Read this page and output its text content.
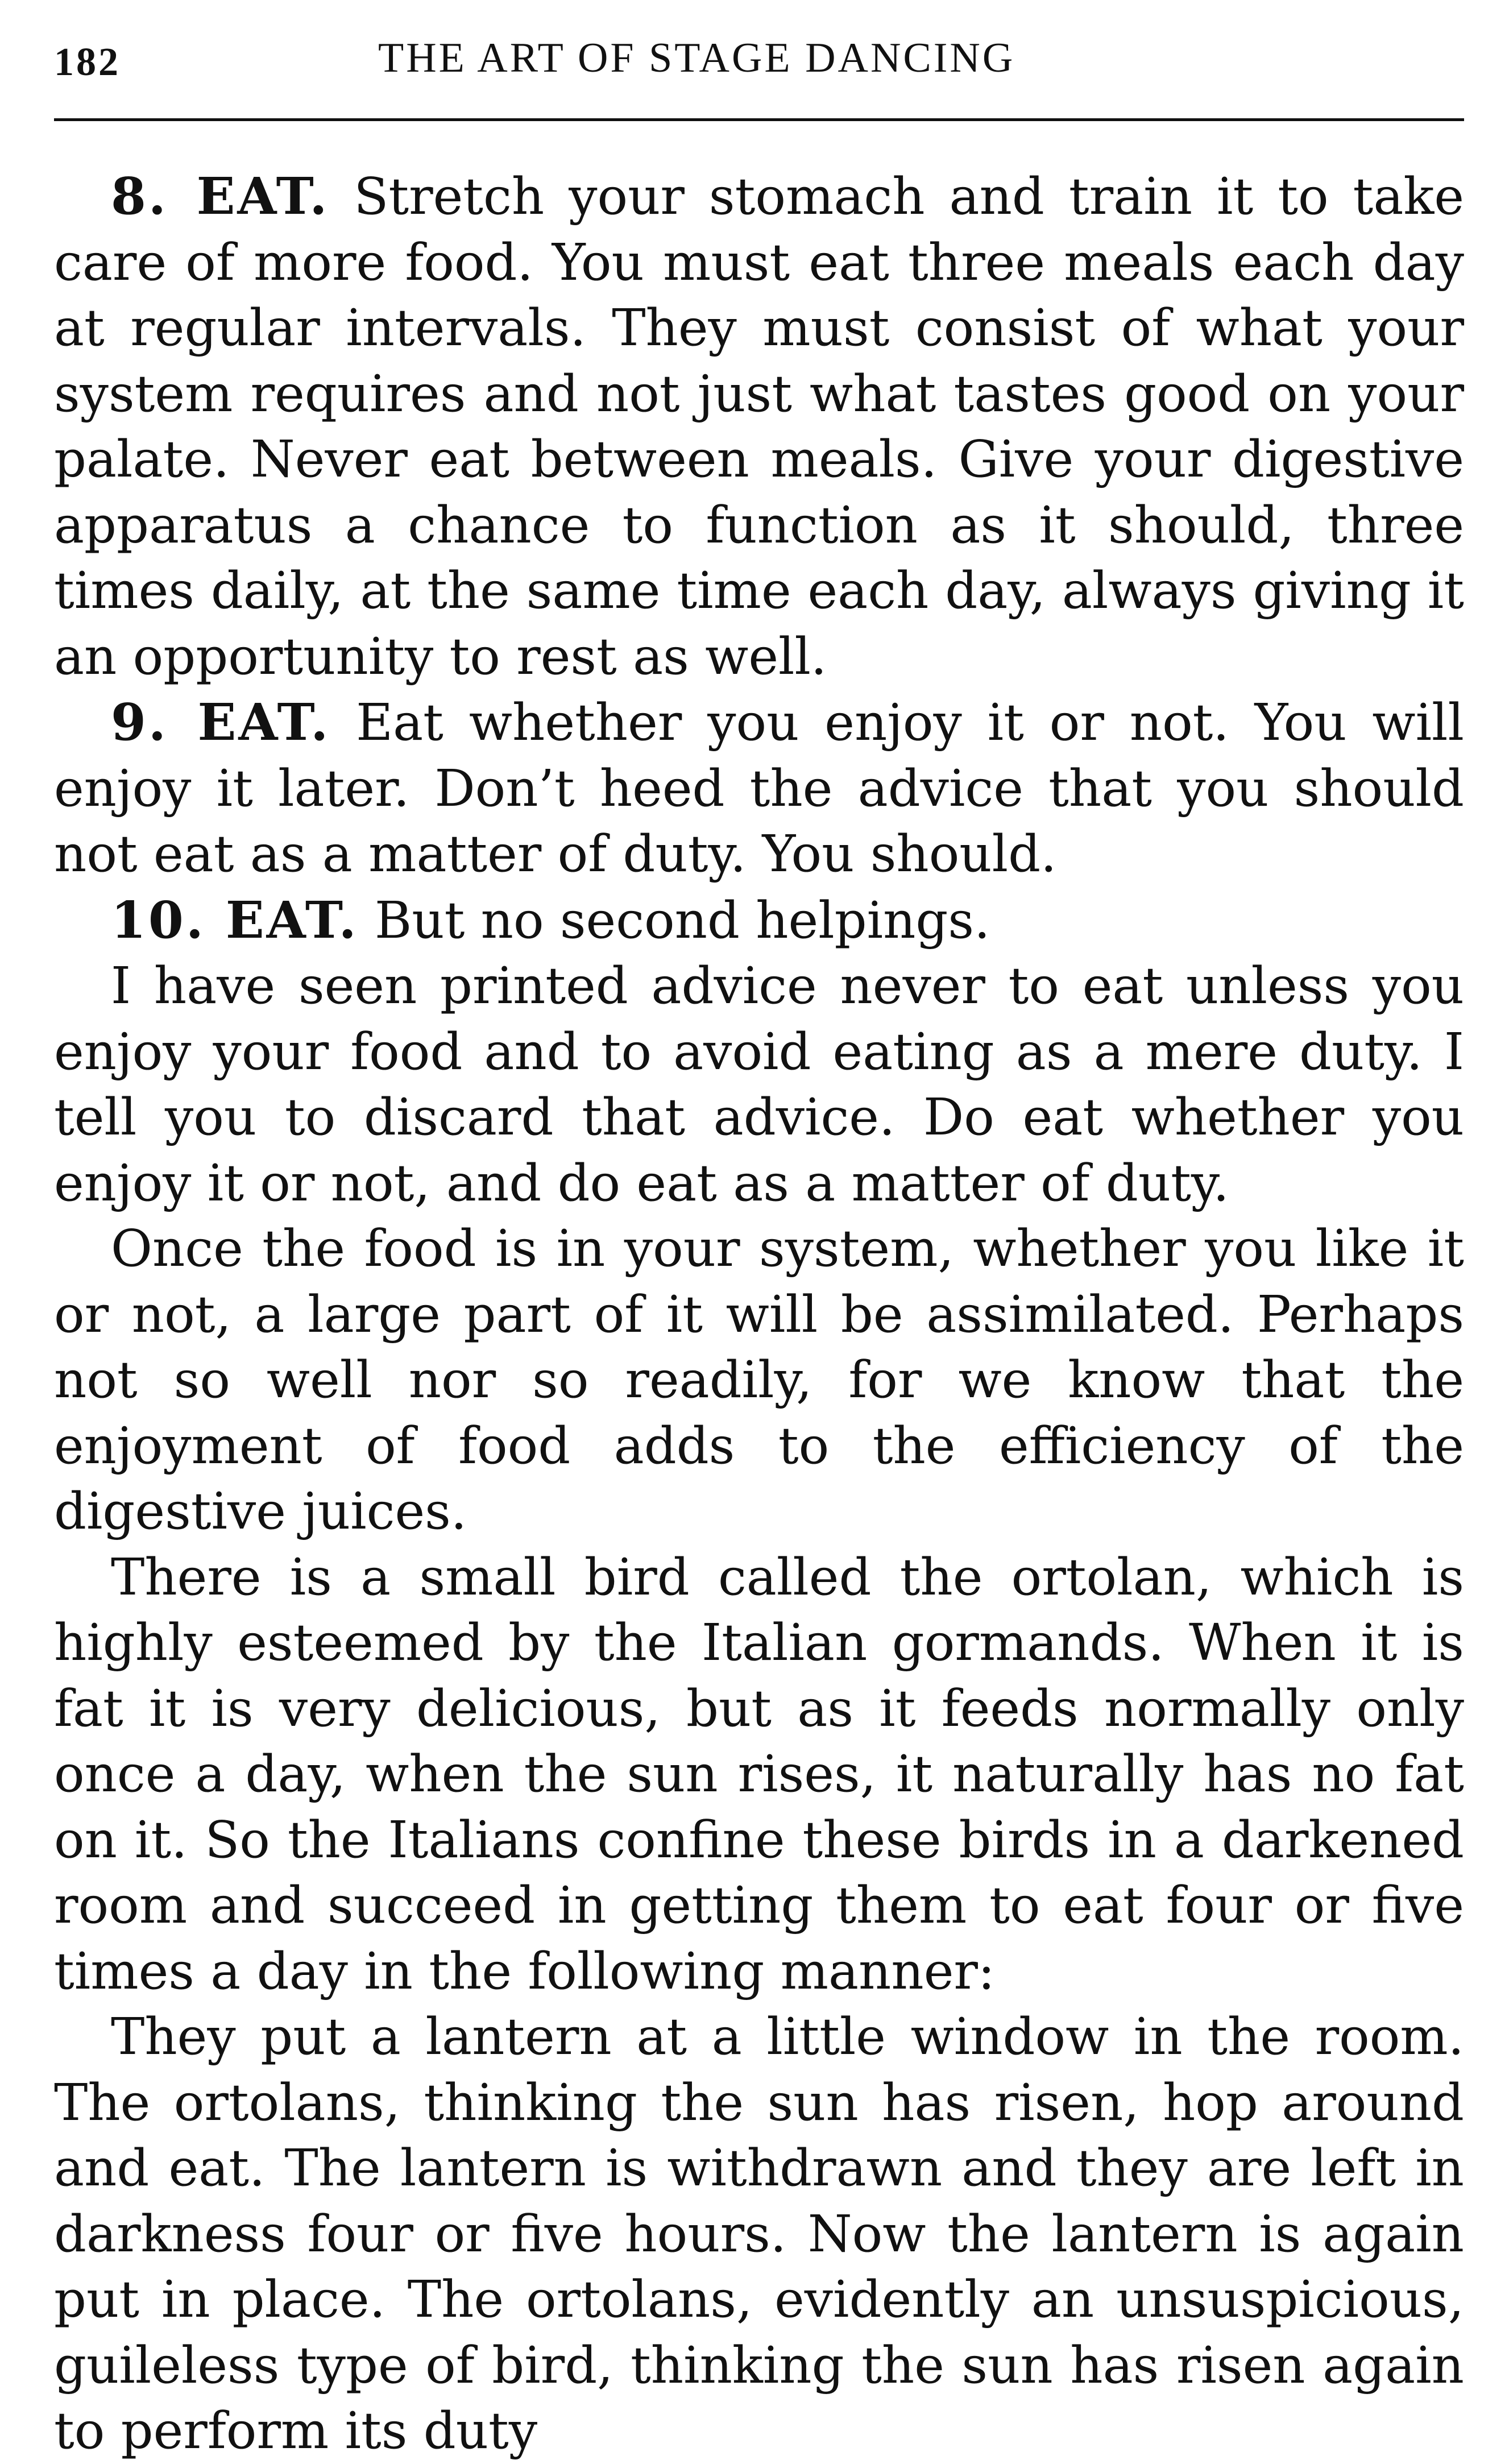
182	THE ART OF STAGE DANCING

8. EAT. Stretch your stomach and train it to take care of more food. You must eat three meals each day at regular intervals. They must consist of what your system requires and not just what tastes good on your palate. Never eat between meals. Give your digestive apparatus a chance to function as it should, three times daily, at the same time each day, always giving it an opportunity to rest as well.

9. EAT. Eat whether you enjoy it or not. You will enjoy it later. Don’t heed the advice that you should not eat as a matter of duty. You should.

10. EAT. But no second helpings.

I have seen printed advice never to eat unless you enjoy your food and to avoid eating as a mere duty. I tell you to discard that advice. Do eat whether you enjoy it or not, and do eat as a matter of duty.

Once the food is in your system, whether you like it or not, a large part of it will be assimilated. Perhaps not so well nor so readily, for we know that the enjoyment of food adds to the efficiency of the digestive juices.

There is a small bird called the ortolan, which is highly esteemed by the Italian gormands. When it is fat it is very delicious, but as it feeds normally only once a day, when the sun rises, it naturally has no fat on it. So the Italians confine these birds in a darkened room and succeed in getting them to eat four or five times a day in the following manner:

They put a lantern at a little window in the room. The ortolans, thinking the sun has risen, hop around and eat. The lantern is withdrawn and they are left in darkness four or five hours. Now the lantern is again put in place. The ortolans, evidently an unsuspicious, guileless type of bird, thinking the sun has risen again to perform its duty
